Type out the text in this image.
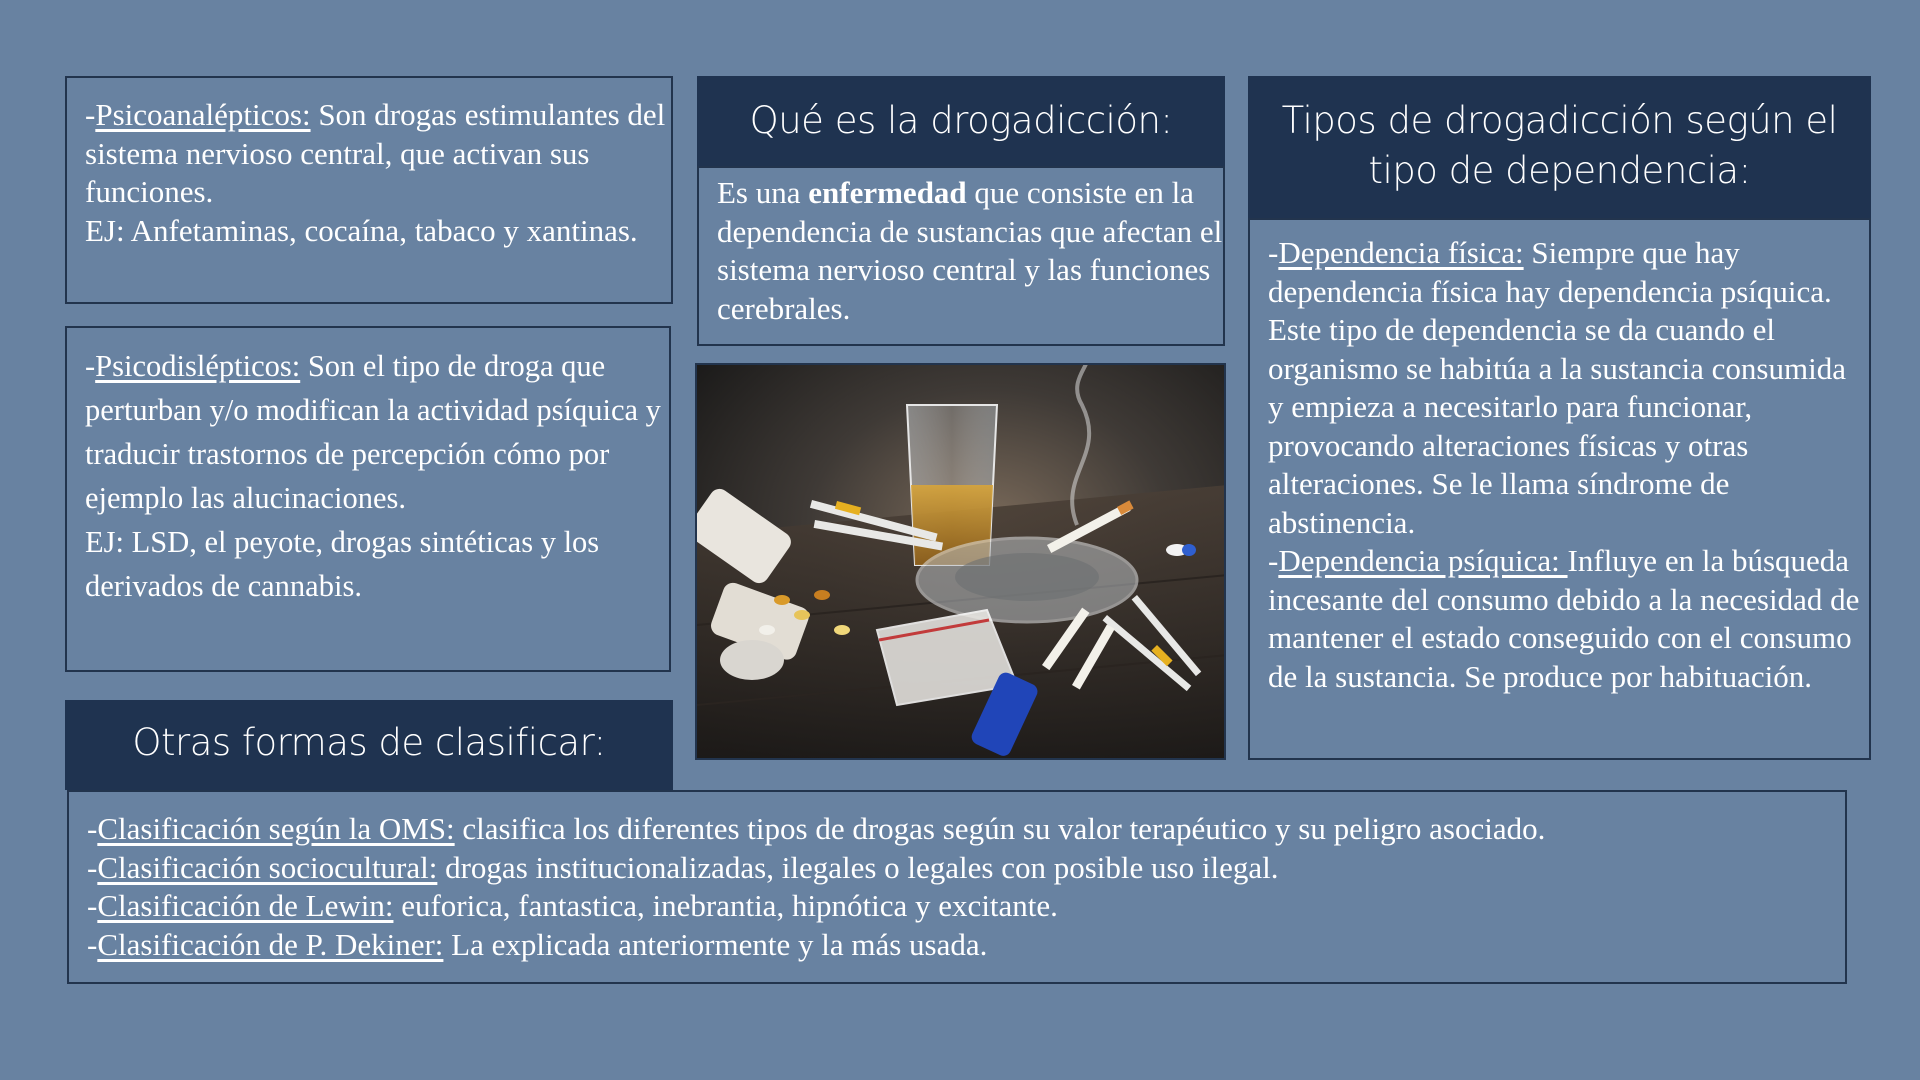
-Psicoanalépticos: Son drogas estimulantes del sistema nervioso central, que activan sus funciones.

EJ: Anfetaminas, cocaína, tabaco y xantinas.

-Psicodislépticos: Son el tipo de droga que perturban y/o modifican la actividad psíquica y traducir trastornos de percepción cómo por ejemplo las alucinaciones.

EJ: LSD, el peyote, drogas sintéticas y los derivados de cannabis.

Qué es la drogadicción:

Es una enfermedad que consiste en la dependencia de sustancias que afectan el sistema nervioso central y las funciones cerebrales.

Tipos de drogadicción según el tipo de dependencia:

-Dependencia física: Siempre que hay dependencia física hay dependencia psíquica. Este tipo de dependencia se da cuando el organismo se habitúa a la sustancia consumida y empieza a necesitarlo para funcionar, provocando alteraciones físicas y otras alteraciones. Se le llama síndrome de abstinencia.

-Dependencia psíquica: Influye en la búsqueda incesante del consumo debido a la necesidad de mantener el estado conseguido con el consumo de la sustancia. Se produce por habituación.

Otras formas de clasificar:

-Clasificación según la OMS: clasifica los diferentes tipos de drogas según su valor terapéutico y su peligro asociado.

-Clasificación sociocultural: drogas institucionalizadas, ilegales o legales con posible uso ilegal.

-Clasificación de Lewin: euforica, fantastica, inebrantia, hipnótica y excitante.

-Clasificación de P. Dekiner: La explicada anteriormente y la más usada.
